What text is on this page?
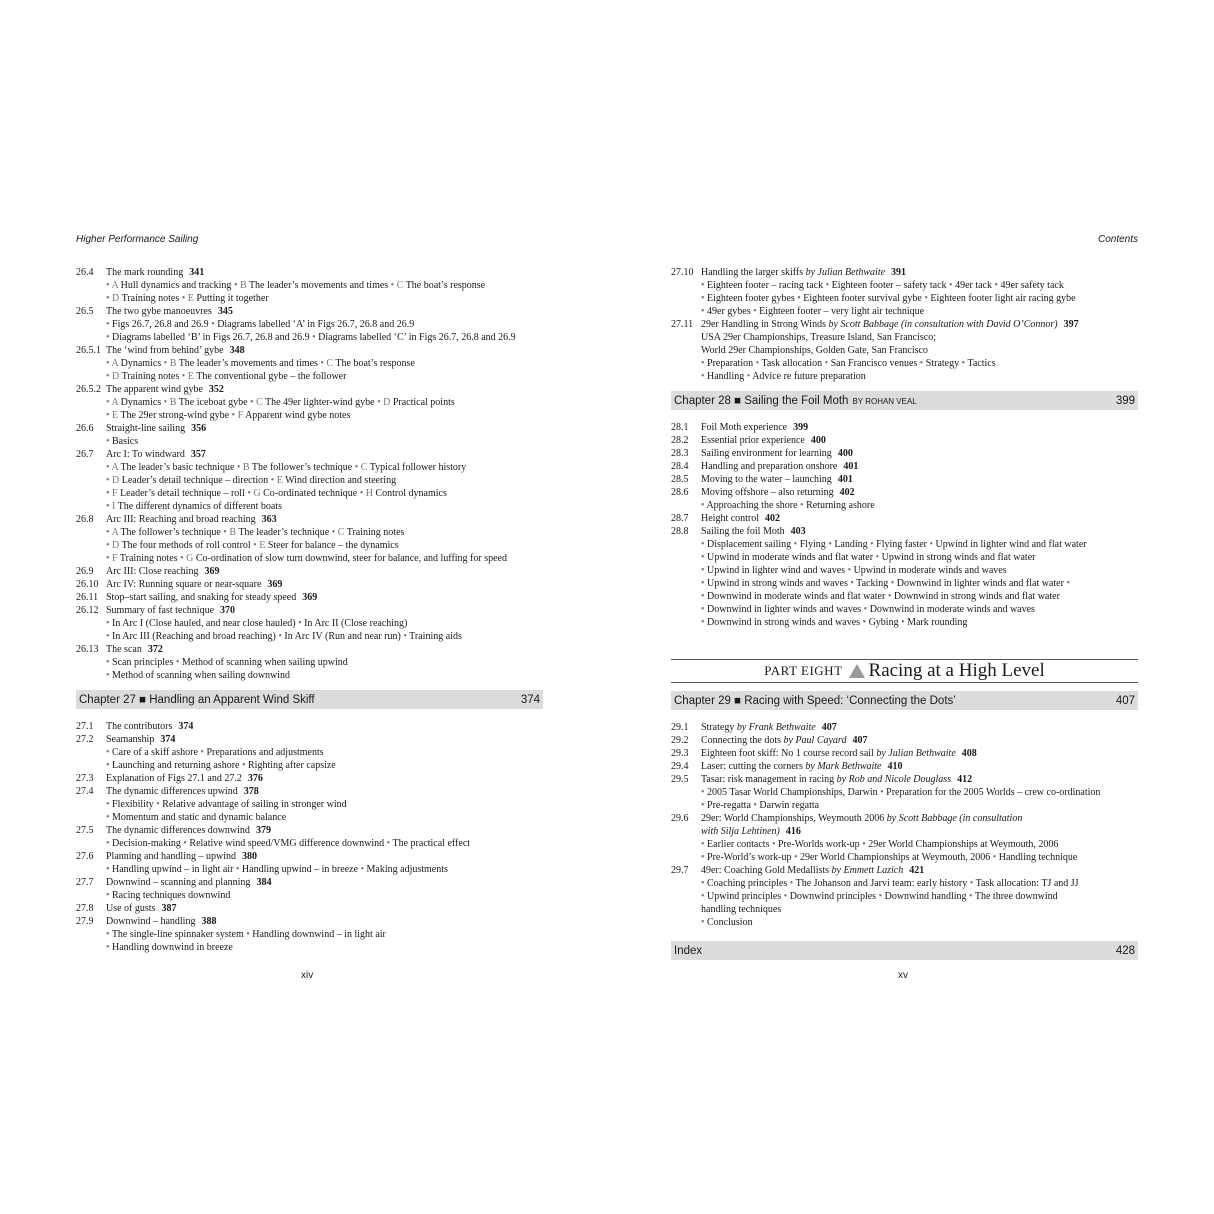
Higher Performance Sailing
26.4	The mark rounding 341
• A Hull dynamics and tracking • B The leader’s movements and times • C The boat’s response
• D Training notes • E Putting it together
26.5	The two gybe manoeuvres 345
• Figs 26.7, 26.8 and 26.9 • Diagrams labelled ‘A’ in Figs 26.7, 26.8 and 26.9
• Diagrams labelled ‘B’ in Figs 26.7, 26.8 and 26.9 • Diagrams labelled ‘C’ in Figs 26.7, 26.8 and 26.9
26.5.1 The ‘wind from behind’ gybe 348
• A Dynamics • B The leader’s movements and times • C The boat’s response
• D Training notes • E The conventional gybe – the follower
26.5.2 The apparent wind gybe 352
• A Dynamics • B The iceboat gybe • C The 49er lighter-wind gybe • D Practical points
• E The 29er strong-wind gybe • F Apparent wind gybe notes
26.6	Straight-line sailing 356
• Basics
26.7	Arc I: To windward 357
• A The leader’s basic technique • B The follower’s technique • C Typical follower history
• D Leader’s detail technique – direction • E Wind direction and steering
• F Leader’s detail technique – roll • G Co-ordinated technique • H Control dynamics
• I The different dynamics of different boats
26.8	Arc III: Reaching and broad reaching 363
• A The follower’s technique • B The leader’s technique • C Training notes
• D The four methods of roll control • E Steer for balance – the dynamics
• F Training notes • G Co-ordination of slow turn downwind, steer for balance, and luffing for speed
26.9	Arc III: Close reaching 369
26.10 Arc IV: Running square or near-square 369
26.11 Stop–start sailing, and snaking for steady speed 369
26.12 Summary of fast technique 370
• In Arc I (Close hauled, and near close hauled) • In Arc II (Close reaching)
• In Arc III (Reaching and broad reaching) • In Arc IV (Run and near run) • Training aids
26.13 The scan 372
• Scan principles • Method of scanning when sailing upwind
• Method of scanning when sailing downwind
Chapter 27 ■ Handling an Apparent Wind Skiff	374
27.1	The contributors 374
27.2	Seamanship 374
• Care of a skiff ashore • Preparations and adjustments
• Launching and returning ashore • Righting after capsize
27.3	Explanation of Figs 27.1 and 27.2 376
27.4	The dynamic differences upwind 378
• Flexibility • Relative advantage of sailing in stronger wind
• Momentum and static and dynamic balance
27.5	The dynamic differences downwind 379
• Decision-making • Relative wind speed/VMG difference downwind • The practical effect
27.6	Planning and handling – upwind 380
• Handling upwind – in light air • Handling upwind – in breeze • Making adjustments
27.7	Downwind – scanning and planning 384
• Racing techniques downwind
27.8	Use of gusts 387
27.9	Downwind – handling 388
• The single-line spinnaker system • Handling downwind – in light air
• Handling downwind in breeze
Contents
27.10 Handling the larger skiffs by Julian Bethwaite 391
• Eighteen footer – racing tack • Eighteen footer – safety tack • 49er tack • 49er safety tack
• Eighteen footer gybes • Eighteen footer survival gybe • Eighteen footer light air racing gybe
• 49er gybes • Eighteen footer – very light air technique
27.11 29er Handling in Strong Winds by Scott Babbage (in consultation with David O’Connor) 397
USA 29er Championships, Treasure Island, San Francisco;
World 29er Championships, Golden Gate, San Francisco
• Preparation • Task allocation • San Francisco venues • Strategy • Tactics
• Handling • Advice re future preparation
Chapter 28 ■ Sailing the Foil Moth BY ROHAN VEAL	399
28.1	Foil Moth experience 399
28.2	Essential prior experience 400
28.3	Sailing environment for learning 400
28.4	Handling and preparation onshore 401
28.5	Moving to the water – launching 401
28.6	Moving offshore – also returning 402
• Approaching the shore • Returning ashore
28.7	Height control 402
28.8	Sailing the foil Moth 403
• Displacement sailing • Flying • Landing • Flying faster • Upwind in lighter wind and flat water
• Upwind in moderate winds and flat water • Upwind in strong winds and flat water
• Upwind in lighter wind and waves • Upwind in moderate winds and waves
• Upwind in strong winds and waves • Tacking • Downwind in lighter winds and flat water •
• Downwind in moderate winds and flat water • Downwind in strong winds and flat water
• Downwind in lighter winds and waves • Downwind in moderate winds and waves
• Downwind in strong winds and waves • Gybing • Mark rounding
PART EIGHT Racing at a High Level
Chapter 29 ■ Racing with Speed: ‘Connecting the Dots’	407
29.1	Strategy by Frank Bethwaite 407
29.2	Connecting the dots by Paul Cayard 407
29.3	Eighteen foot skiff: No 1 course record sail by Julian Bethwaite 408
29.4	Laser: cutting the corners by Mark Bethwaite 410
29.5	Tasar: risk management in racing by Rob and Nicole Douglass 412
• 2005 Tasar World Championships, Darwin • Preparation for the 2005 Worlds – crew co-ordination
• Pre-regatta • Darwin regatta
29.6	29er: World Championships, Weymouth 2006 by Scott Babbage (in consultation
with Silja Lehtinen) 416
• Earlier contacts • Pre-Worlds work-up • 29er World Championships at Weymouth, 2006
• Pre-World’s work-up • 29er World Championships at Weymouth, 2006 • Handling technique
29.7	49er: Coaching Gold Medallists by Emmett Lazich 421
• Coaching principles • The Johanson and Jarvi team: early history • Task allocation: TJ and JJ
• Upwind principles • Downwind principles • Downwind handling • The three downwind
handling techniques
• Conclusion
Index	428
xiv	xv
